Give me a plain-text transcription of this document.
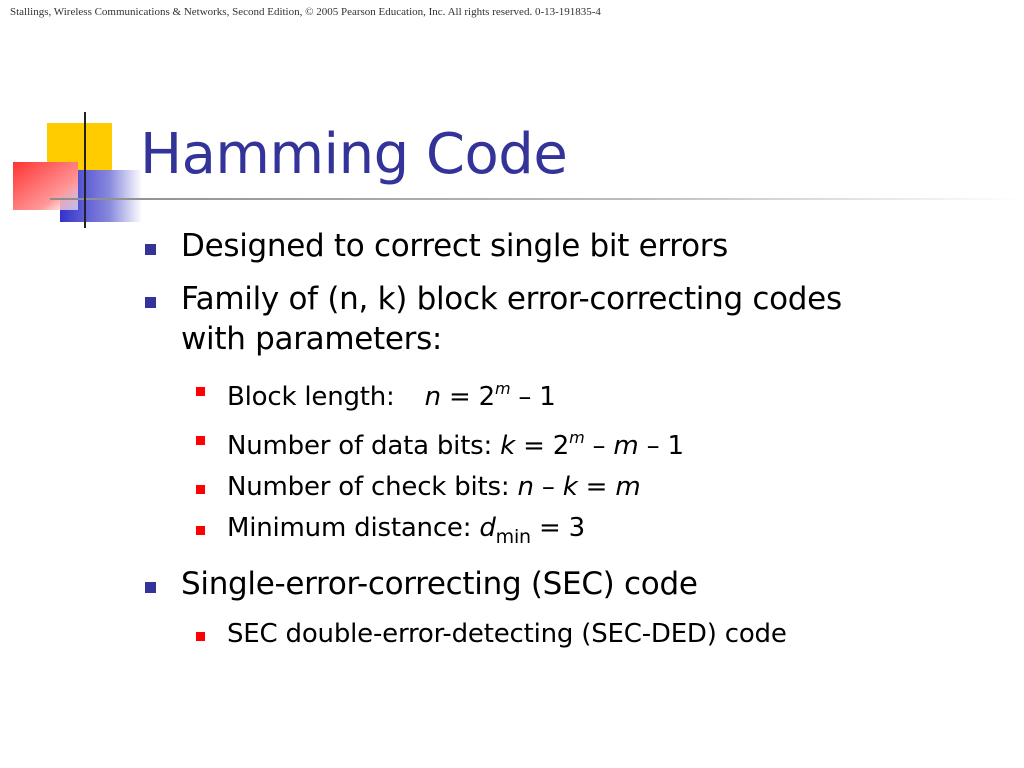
Stallings, Wireless Communications & Networks, Second Edition, © 2005 Pearson Education, Inc. All rights reserved. 0-13-191835-4
Hamming Code
Designed to correct single bit errors
Family of (n, k) block error-correcting codes
with parameters:
Block length: $n = 2^m - 1$
Number of data bits: $k = 2^m - m - 1$
Number of check bits: n – k = m
Minimum distance: $d_{min} = 3$
Single-error-correcting (SEC) code
SEC double-error-detecting (SEC-DED) code
